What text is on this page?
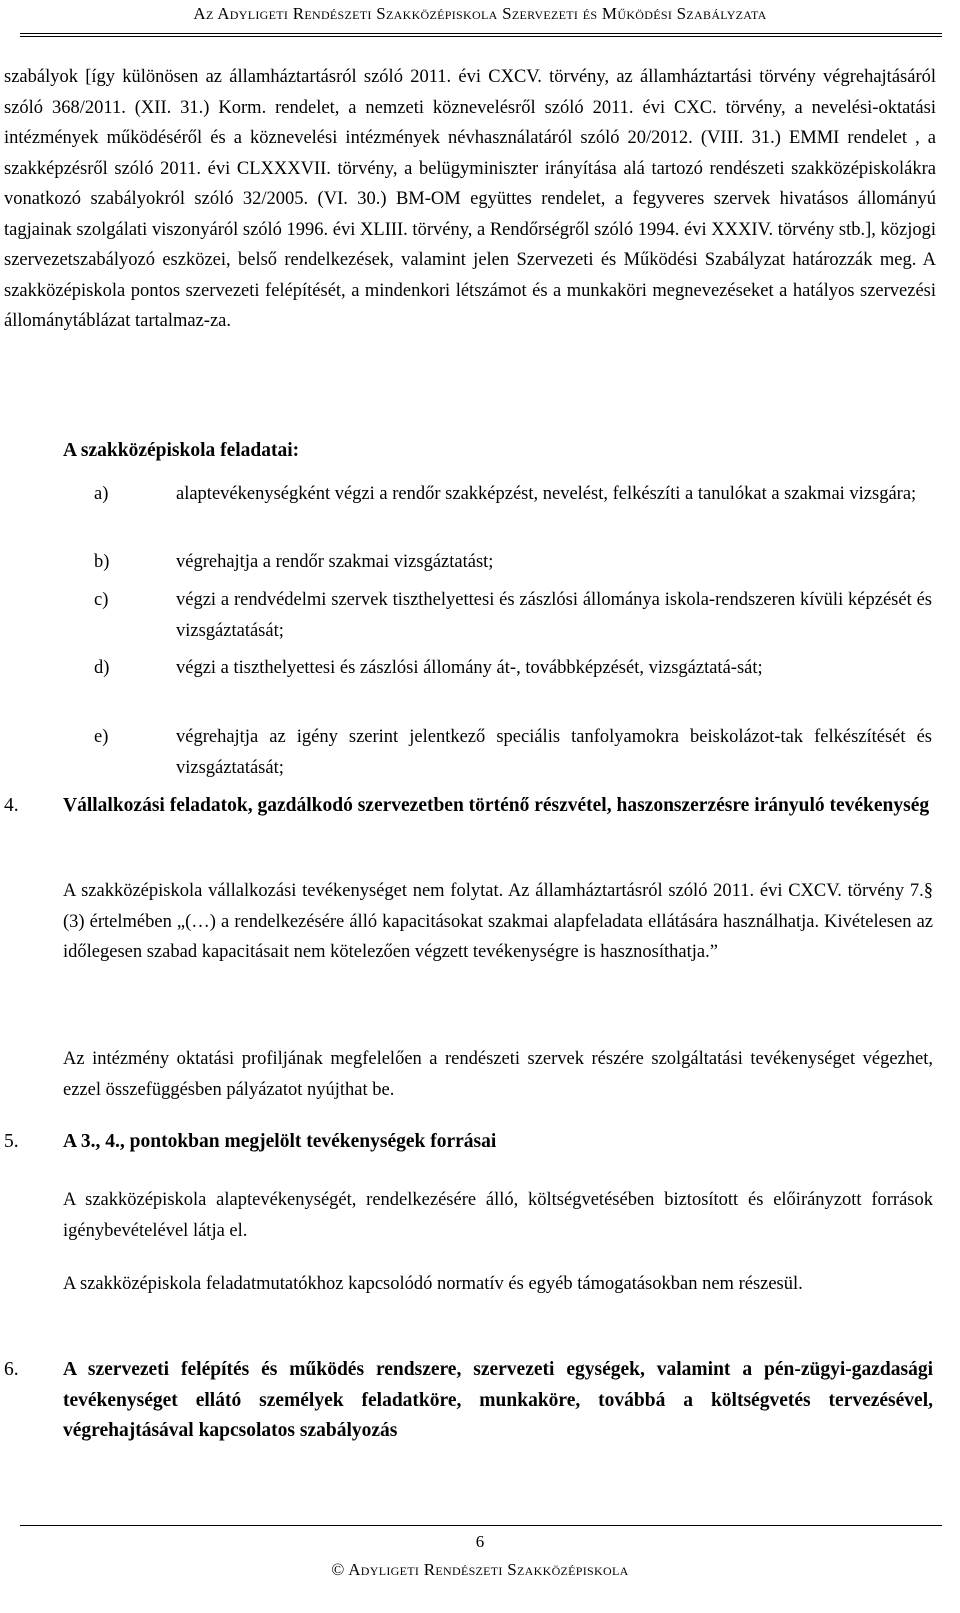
Az Adyligeti Rendészeti Szakközépiskola Szervezeti és Működési Szabályzata

szabályok [így különösen az államháztartásról szóló 2011. évi CXCV. törvény, az államháztartási törvény végrehajtásáról szóló 368/2011. (XII. 31.) Korm. rendelet, a nemzeti köznevelésről szóló 2011. évi CXC. törvény, a nevelési-oktatási intézmények működéséről és a köznevelési intézmények névhasználatáról szóló 20/2012. (VIII. 31.) EMMI rendelet , a szakképzésről szóló 2011. évi CLXXXVII. törvény, a belügyminiszter irányítása alá tartozó rendészeti szakközépiskolákra vonatkozó szabályokról szóló 32/2005. (VI. 30.) BM-OM együttes rendelet, a fegyveres szervek hivatásos állományú tagjainak szolgálati viszonyáról szóló 1996. évi XLIII. törvény, a Rendőrségről szóló 1994. évi XXXIV. törvény stb.], közjogi szervezetszabályozó eszközei, belső rendelkezések, valamint jelen Szervezeti és Működési Szabályzat határozzák meg. A szakközépiskola pontos szervezeti felépítését, a mindenkori létszámot és a munkaköri megnevezéseket a hatályos szervezési állománytáblázat tartalmaz-za.

A szakközépiskola feladatai:

a)	alaptevékenységként végzi a rendőr szakképzést, nevelést, felkészíti a tanulókat a szakmai vizsgára;
b)	végrehajtja a rendőr szakmai vizsgáztatást;
c)	végzi a rendvédelmi szervek tiszthelyettesi és zászlósi állománya iskola-rendszeren kívüli képzését és vizsgáztatását;
d)	végzi a tiszthelyettesi és zászlósi állomány át-, továbbképzését, vizsgáztatá-sát;
e)	végrehajtja az igény szerint jelentkező speciális tanfolyamokra beiskolázot-tak felkészítését és vizsgáztatását;
4. Vállalkozási feladatok, gazdálkodó szervezetben történő részvétel, haszonszerzésre irányuló tevékenység

A szakközépiskola vállalkozási tevékenységet nem folytat. Az államháztartásról szóló 2011. évi CXCV. törvény 7.§ (3) értelmében „(…) a rendelkezésére álló kapacitásokat szakmai alapfeladata ellátására használhatja. Kivételesen az időlegesen szabad kapacitásait nem kötelezően végzett tevékenységre is hasznosíthatja.”

Az intézmény oktatási profiljának megfelelően a rendészeti szervek részére szolgáltatási tevékenységet végezhet, ezzel összefüggésben pályázatot nyújthat be.

5. A 3., 4., pontokban megjelölt tevékenységek forrásai

A szakközépiskola alaptevékenységét, rendelkezésére álló, költségvetésében biztosított és előirányzott források igénybevételével látja el.

A szakközépiskola feladatmutatókhoz kapcsolódó normatív és egyéb támogatásokban nem részesül.

6. A szervezeti felépítés és működés rendszere, szervezeti egységek, valamint a pén-zügyi-gazdasági tevékenységet ellátó személyek feladatköre, munkaköre, továbbá a költségvetés tervezésével, végrehajtásával kapcsolatos szabályozás
6
© Adyligeti Rendészeti Szakközépiskola
